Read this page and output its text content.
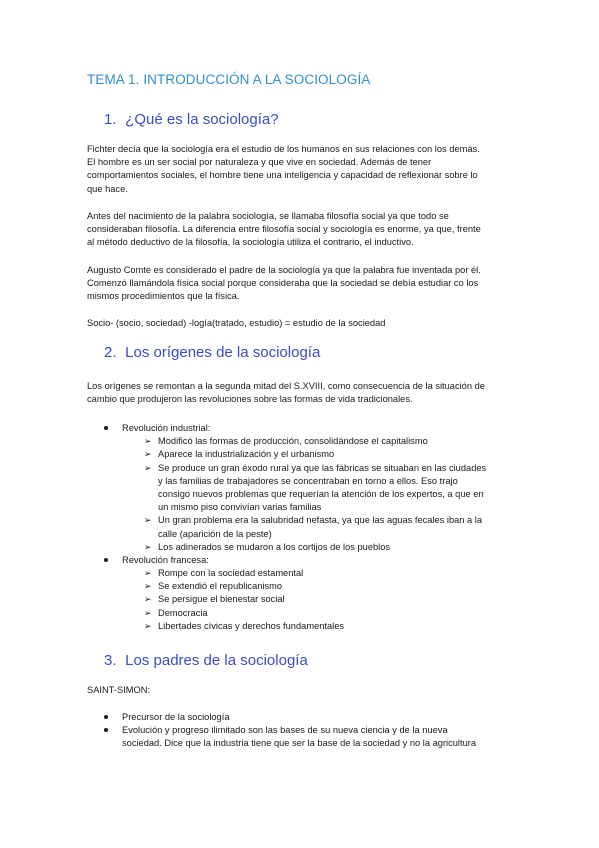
TEMA 1. INTRODUCCIÓN A LA SOCIOLOGÍA
1. ¿Qué es la sociología?
Fichter decía que la sociología era el estudio de los humanos en sus relaciones con los demás.
El hombre es un ser social por naturaleza y que vive en sociedad. Además de tener
comportamientos sociales, el hombre tiene una inteligencia y capacidad de reflexionar sobre lo
que hace.
Antes del nacimiento de la palabra sociología, se llamaba filosofía social ya que todo se
consideraban filosofía. La diferencia entre filosofía social y sociología es enorme, ya que, frente
al método deductivo de la filosofía, la sociología utiliza el contrario, el inductivo.
Augusto Comte es considerado el padre de la sociología ya que la palabra fue inventada por él.
Comenzó llamándola física social porque consideraba que la sociedad se debía estudiar co los
mismos procedimientos que la física.
Socio- (socio, sociedad) -logía(tratado, estudio) = estudio de la sociedad
2. Los orígenes de la sociología
Los orígenes se remontan a la segunda mitad del S.XVIII, como consecuencia de la situación de
cambio que produjeron las revoluciones sobre las formas de vida tradicionales.
Revolución industrial:
➢ Modificó las formas de producción, consolidándose el capitalismo
➢ Aparece la industrialización y el urbanismo
➢ Se produce un gran éxodo rural ya que las fábricas se situaban en las ciudades
y las familias de trabajadores se concentraban en torno a ellos. Eso trajo
consigo nuevos problemas que requerían la atención de los expertos, a que en
un mismo piso convivían varias familias
➢ Un gran problema era la salubridad nefasta, ya que las aguas fecales iban a la
calle (aparición de la peste)
➢ Los adinerados se mudaron a los cortijos de los pueblos
Revolución francesa:
➢ Rompe con la sociedad estamental
➢ Se extendió el republicanismo
➢ Se persigue el bienestar social
➢ Democracia
➢ Libertades cívicas y derechos fundamentales
3. Los padres de la sociología
SAINT-SIMON:
Precursor de la sociología
Evolución y progreso ilimitado son las bases de su nueva ciencia y de la nueva
sociedad. Dice que la industria tiene que ser la base de la sociedad y no la agricultura
